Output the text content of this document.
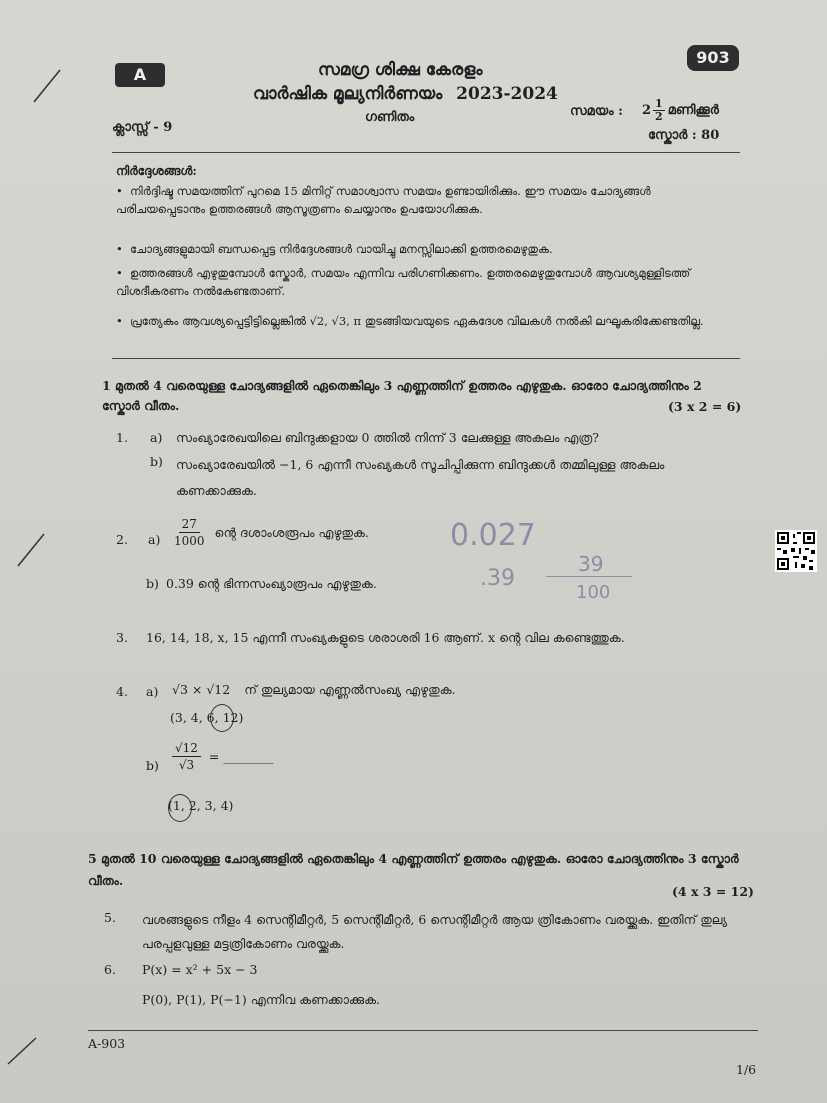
A
903
സമഗ്ര ശിക്ഷ കേരളം
വാർഷിക മൂല്യനിർണയം 2023-2024
ഗണിതം
ക്ലാസ്സ് - 9
സമയം : $2 \frac{1}{2}$ മണിക്കൂർ
സ്കോർ : 80
നിർദ്ദേശങ്ങൾ:
• നിർദ്ദിഷ്ട സമയത്തിന് പുറമെ 15 മിനിറ്റ് സമാശ്വാസ സമയം ഉണ്ടായിരിക്കും. ഈ സമയം ചോദ്യങ്ങൾ പരിചയപ്പെടാനും ഉത്തരങ്ങൾ ആസൂത്രണം ചെയ്യാനും ഉപയോഗിക്കുക.
• ചോദ്യങ്ങളുമായി ബന്ധപ്പെട്ട നിർദ്ദേശങ്ങൾ വായിച്ചു മനസ്സിലാക്കി ഉത്തരമെഴുതുക.
• ഉത്തരങ്ങൾ എഴുതുമ്പോൾ സ്കോർ, സമയം എന്നിവ പരിഗണിക്കണം. ഉത്തരമെഴുതുമ്പോൾ ആവശ്യമുള്ളിടത്ത് വിശദീകരണം നൽകേണ്ടതാണ്.
• പ്രത്യേകം ആവശ്യപ്പെട്ടിട്ടില്ലെങ്കിൽ √2, √3, π തുടങ്ങിയവയുടെ ഏകദേശ വിലകൾ നൽകി ലഘൂകരിക്കേണ്ടതില്ല.
1 മുതൽ 4 വരെയുള്ള ചോദ്യങ്ങളിൽ ഏതെങ്കിലും 3 എണ്ണത്തിന് ഉത്തരം എഴുതുക. ഓരോ ചോദ്യത്തിനും 2 സ്കോർ വീതം.	(3 x 2 = 6)
1. a) സംഖ്യാരേഖയിലെ ബിന്ദുക്കളായ 0 ത്തിൽ നിന്ന് 3 ലേക്കുള്ള അകലം എത്ര?
b) സംഖ്യാരേഖയിൽ −1, 6 എന്നീ സംഖ്യകൾ സൂചിപ്പിക്കുന്ന ബിന്ദുക്കൾ തമ്മിലുള്ള അകലം കണക്കാക്കുക.
2. $a) \frac{27}{1000}$ ന്റെ ദശാംശരൂപം എഴുതുക.	0.027
b) 0.39 ന്റെ ഭിന്നസംഖ്യാരൂപം എഴുതുക.	.39
39
100
3. 16, 14, 18, x, 15 എന്നീ സംഖ്യകളുടെ ശരാശരി 16 ആണ്. x ന്റെ വില കണ്ടെത്തുക.
4. a) √3 × √12 ന് തുല്യമായ എണ്ണൽസംഖ്യ എഴുതുക.
(3, 4, 6, 12)
$b) \frac{√12}{√3}$ = ________
(1, 2, 3, 4)
5 മുതൽ 10 വരെയുള്ള ചോദ്യങ്ങളിൽ ഏതെങ്കിലും 4 എണ്ണത്തിന് ഉത്തരം എഴുതുക. ഓരോ ചോദ്യത്തിനും 3 സ്കോർ വീതം.
(4 x 3 = 12)
5. വശങ്ങളുടെ നീളം 4 സെന്റിമീറ്റർ, 5 സെന്റിമീറ്റർ, 6 സെന്റിമീറ്റർ ആയ ത്രികോണം വരയ്ക്കുക. ഇതിന് തുല്യ പരപ്പളവുള്ള മട്ടത്രികോണം വരയ്ക്കുക.
6. P(x) = x² + 5x − 3
P(0), P(1), P(−1) എന്നിവ കണക്കാക്കുക.
A-903
1/6
